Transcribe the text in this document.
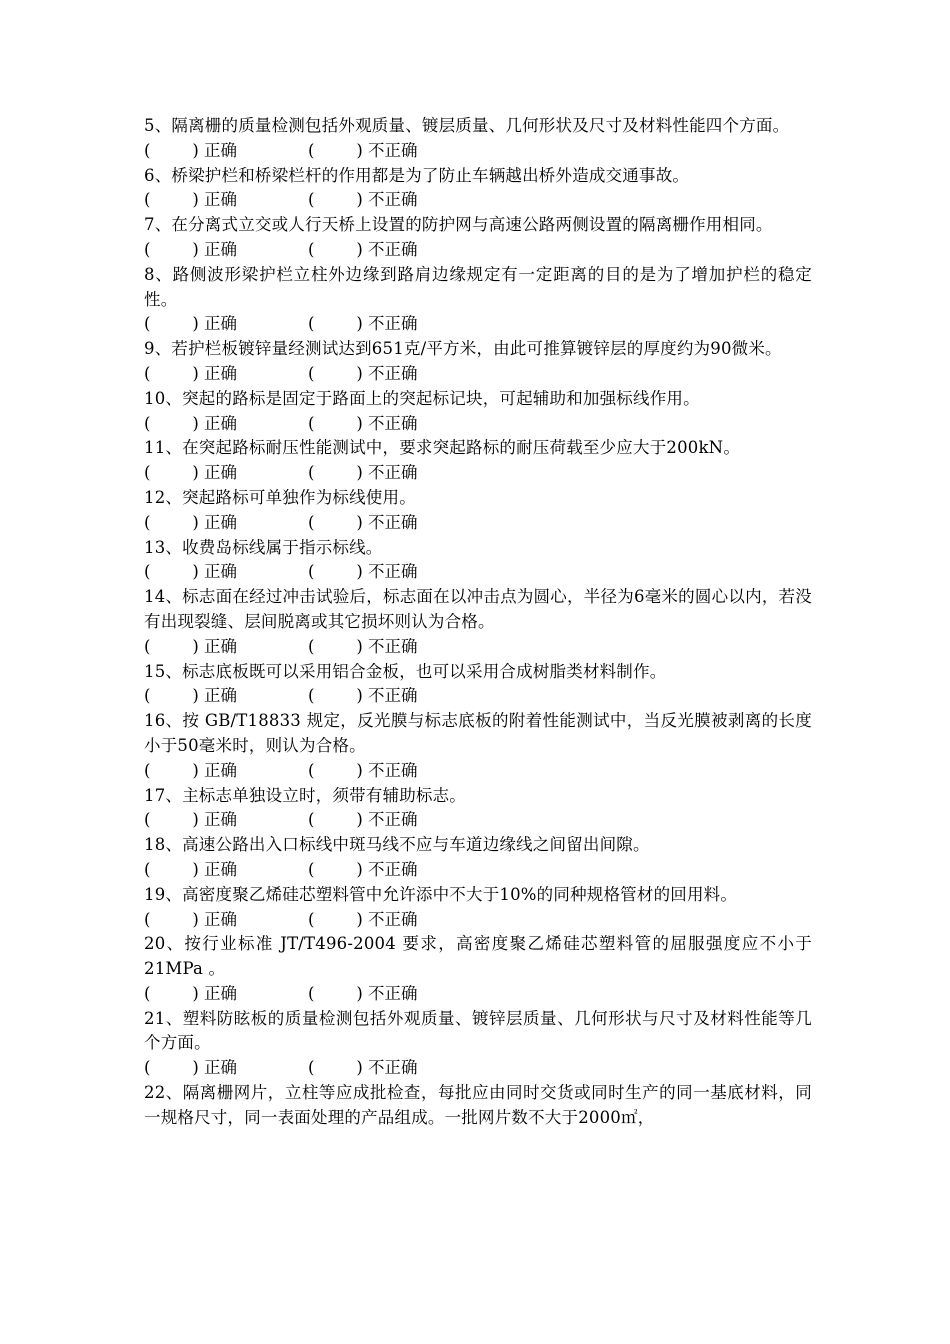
5、隔离栅的质量检测包括外观质量、镀层质量、几何形状及尺寸及材料性能四个方面。
(        ) 正确	(        ) 不正确
6、桥梁护栏和桥梁栏杆的作用都是为了防止车辆越出桥外造成交通事故。
(        ) 正确	(        ) 不正确
7、在分离式立交或人行天桥上设置的防护网与高速公路两侧设置的隔离栅作用相同。
(        ) 正确	(        ) 不正确
8、路侧波形梁护栏立柱外边缘到路肩边缘规定有一定距离的目的是为了增加护栏的稳定性。
(        ) 正确	(        ) 不正确
9、若护栏板镀锌量经测试达到651克/平方米，由此可推算镀锌层的厚度约为90微米。
(        ) 正确	(        ) 不正确
10、突起的路标是固定于路面上的突起标记块，可起辅助和加强标线作用。
(        ) 正确	(        ) 不正确
11、在突起路标耐压性能测试中，要求突起路标的耐压荷载至少应大于200kN。
(        ) 正确	(        ) 不正确
12、突起路标可单独作为标线使用。
(        ) 正确	(        ) 不正确
13、收费岛标线属于指示标线。
(        ) 正确	(        ) 不正确
14、标志面在经过冲击试验后，标志面在以冲击点为圆心，半径为6毫米的圆心以内，若没有出现裂缝、层间脱离或其它损坏则认为合格。
(        ) 正确	(        ) 不正确
15、标志底板既可以采用铝合金板，也可以采用合成树脂类材料制作。
(        ) 正确	(        ) 不正确
16、按 GB/T18833 规定，反光膜与标志底板的附着性能测试中，当反光膜被剥离的长度小于50毫米时，则认为合格。
(        ) 正确	(        ) 不正确
17、主标志单独设立时，须带有辅助标志。
(        ) 正确	(        ) 不正确
18、高速公路出入口标线中斑马线不应与车道边缘线之间留出间隙。
(        ) 正确	(        ) 不正确
19、高密度聚乙烯硅芯塑料管中允许添中不大于10%的同种规格管材的回用料。
(        ) 正确	(        ) 不正确
20、按行业标准 JT/T496-2004 要求，高密度聚乙烯硅芯塑料管的屈服强度应不小于21MPa 。
(        ) 正确	(        ) 不正确
21、塑料防眩板的质量检测包括外观质量、镀锌层质量、几何形状与尺寸及材料性能等几个方面。
(        ) 正确	(        ) 不正确
22、隔离栅网片，立柱等应成批检查，每批应由同时交货或同时生产的同一基底材料，同一规格尺寸，同一表面处理的产品组成。一批网片数不大于2000㎡，
